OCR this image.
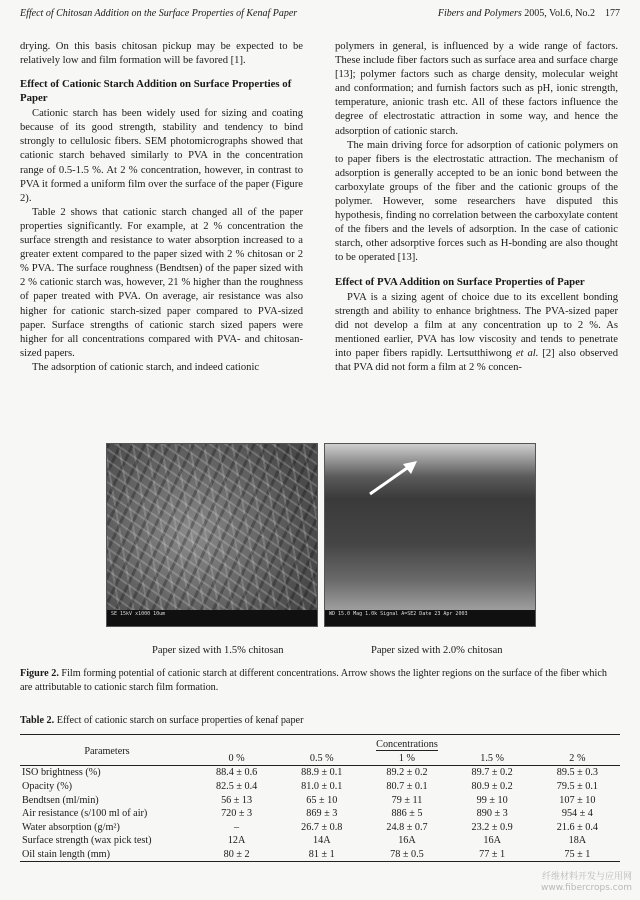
Effect of Chitosan Addition on the Surface Properties of Kenaf Paper	Fibers and Polymers 2005, Vol.6, No.2 177

drying. On this basis chitosan pickup may be expected to be relatively low and film formation will be favored [1].

Effect of Cationic Starch Addition on Surface Properties of Paper

Cationic starch has been widely used for sizing and coating because of its good strength, stability and tendency to bind strongly to cellulosic fibers. SEM photomicrographs showed that cationic starch behaved similarly to PVA in the concentration range of 0.5-1.5 %. At 2 % concentration, however, in contrast to PVA it formed a uniform film over the surface of the paper (Figure 2).

Table 2 shows that cationic starch changed all of the paper properties significantly. For example, at 2 % concentration the surface strength and resistance to water absorption increased to a greater extent compared to the paper sized with 2 % chitosan or 2 % PVA. The surface roughness (Bendtsen) of the paper sized with 2 % cationic starch was, however, 21 % higher than the roughness of paper treated with PVA. On average, air resistance was also higher for cationic starch-sized paper compared to PVA-sized paper. Surface strengths of cationic starch sized papers were higher for all concentrations compared with PVA- and chitosan-sized papers.

The adsorption of cationic starch, and indeed cationic

polymers in general, is influenced by a wide range of factors. These include fiber factors such as surface area and surface charge [13]; polymer factors such as charge density, molecular weight and conformation; and furnish factors such as pH, ionic strength, temperature, anionic trash etc. All of these factors influence the degree of electrostatic attraction in some way, and hence the adsorption of cationic starch.

The main driving force for adsorption of cationic polymers on to paper fibers is the electrostatic attraction. The mechanism of adsorption is generally accepted to be an ionic bond between the carboxylate groups of the fiber and the cationic groups of the polymer. However, some researchers have disputed this hypothesis, finding no correlation between the carboxylate content of the fibers and the levels of adsorption. In the case of cationic starch, other adsorptive forces such as H-bonding are also thought to be operated [13].

Effect of PVA Addition on Surface Properties of Paper

PVA is a sizing agent of choice due to its excellent bonding strength and ability to enhance brightness. The PVA-sized paper did not develop a film at any concentration up to 2 %. As mentioned earlier, PVA has low viscosity and tends to penetrate into paper fibers rapidly. Lertsutthiwong et al. [2] also observed that PVA did not form a film at 2 % concen-

SE 15kV x1000 10um	WD 15.0 Mag 1.0k Signal A=SE2 Date 23 Apr 2003
Paper sized with 1.5% chitosan	Paper sized with 2.0% chitosan
Figure 2. Film forming potential of cationic starch at different concentrations. Arrow shows the lighter regions on the surface of the fiber which are attributable to cationic starch film formation.
Table 2. Effect of cationic starch on surface properties of kenaf paper
Parameters	Concentrations				
	0 %	0.5 %	1 %	1.5 %	2 %
ISO brightness (%)	88.4 ± 0.6	88.9 ± 0.1	89.2 ± 0.2	89.7 ± 0.2	89.5 ± 0.3
Opacity (%)	82.5 ± 0.4	81.0 ± 0.1	80.7 ± 0.1	80.9 ± 0.2	79.5 ± 0.1
Bendtsen (ml/min)	56 ± 13	65 ± 10	79 ± 11	99 ± 10	107 ± 10
Air resistance (s/100 ml of air)	720 ± 3	869 ± 3	886 ± 5	890 ± 3	954 ± 4
Water absorption (g/m²)	–	26.7 ± 0.8	24.8 ± 0.7	23.2 ± 0.9	21.6 ± 0.4
Surface strength (wax pick test)	12A	14A	16A	16A	18A
Oil stain length (mm)	80 ± 2	81 ± 1	78 ± 0.5	77 ± 1	75 ± 1
纤维材料开发与应用网
www.fibercrops.com
